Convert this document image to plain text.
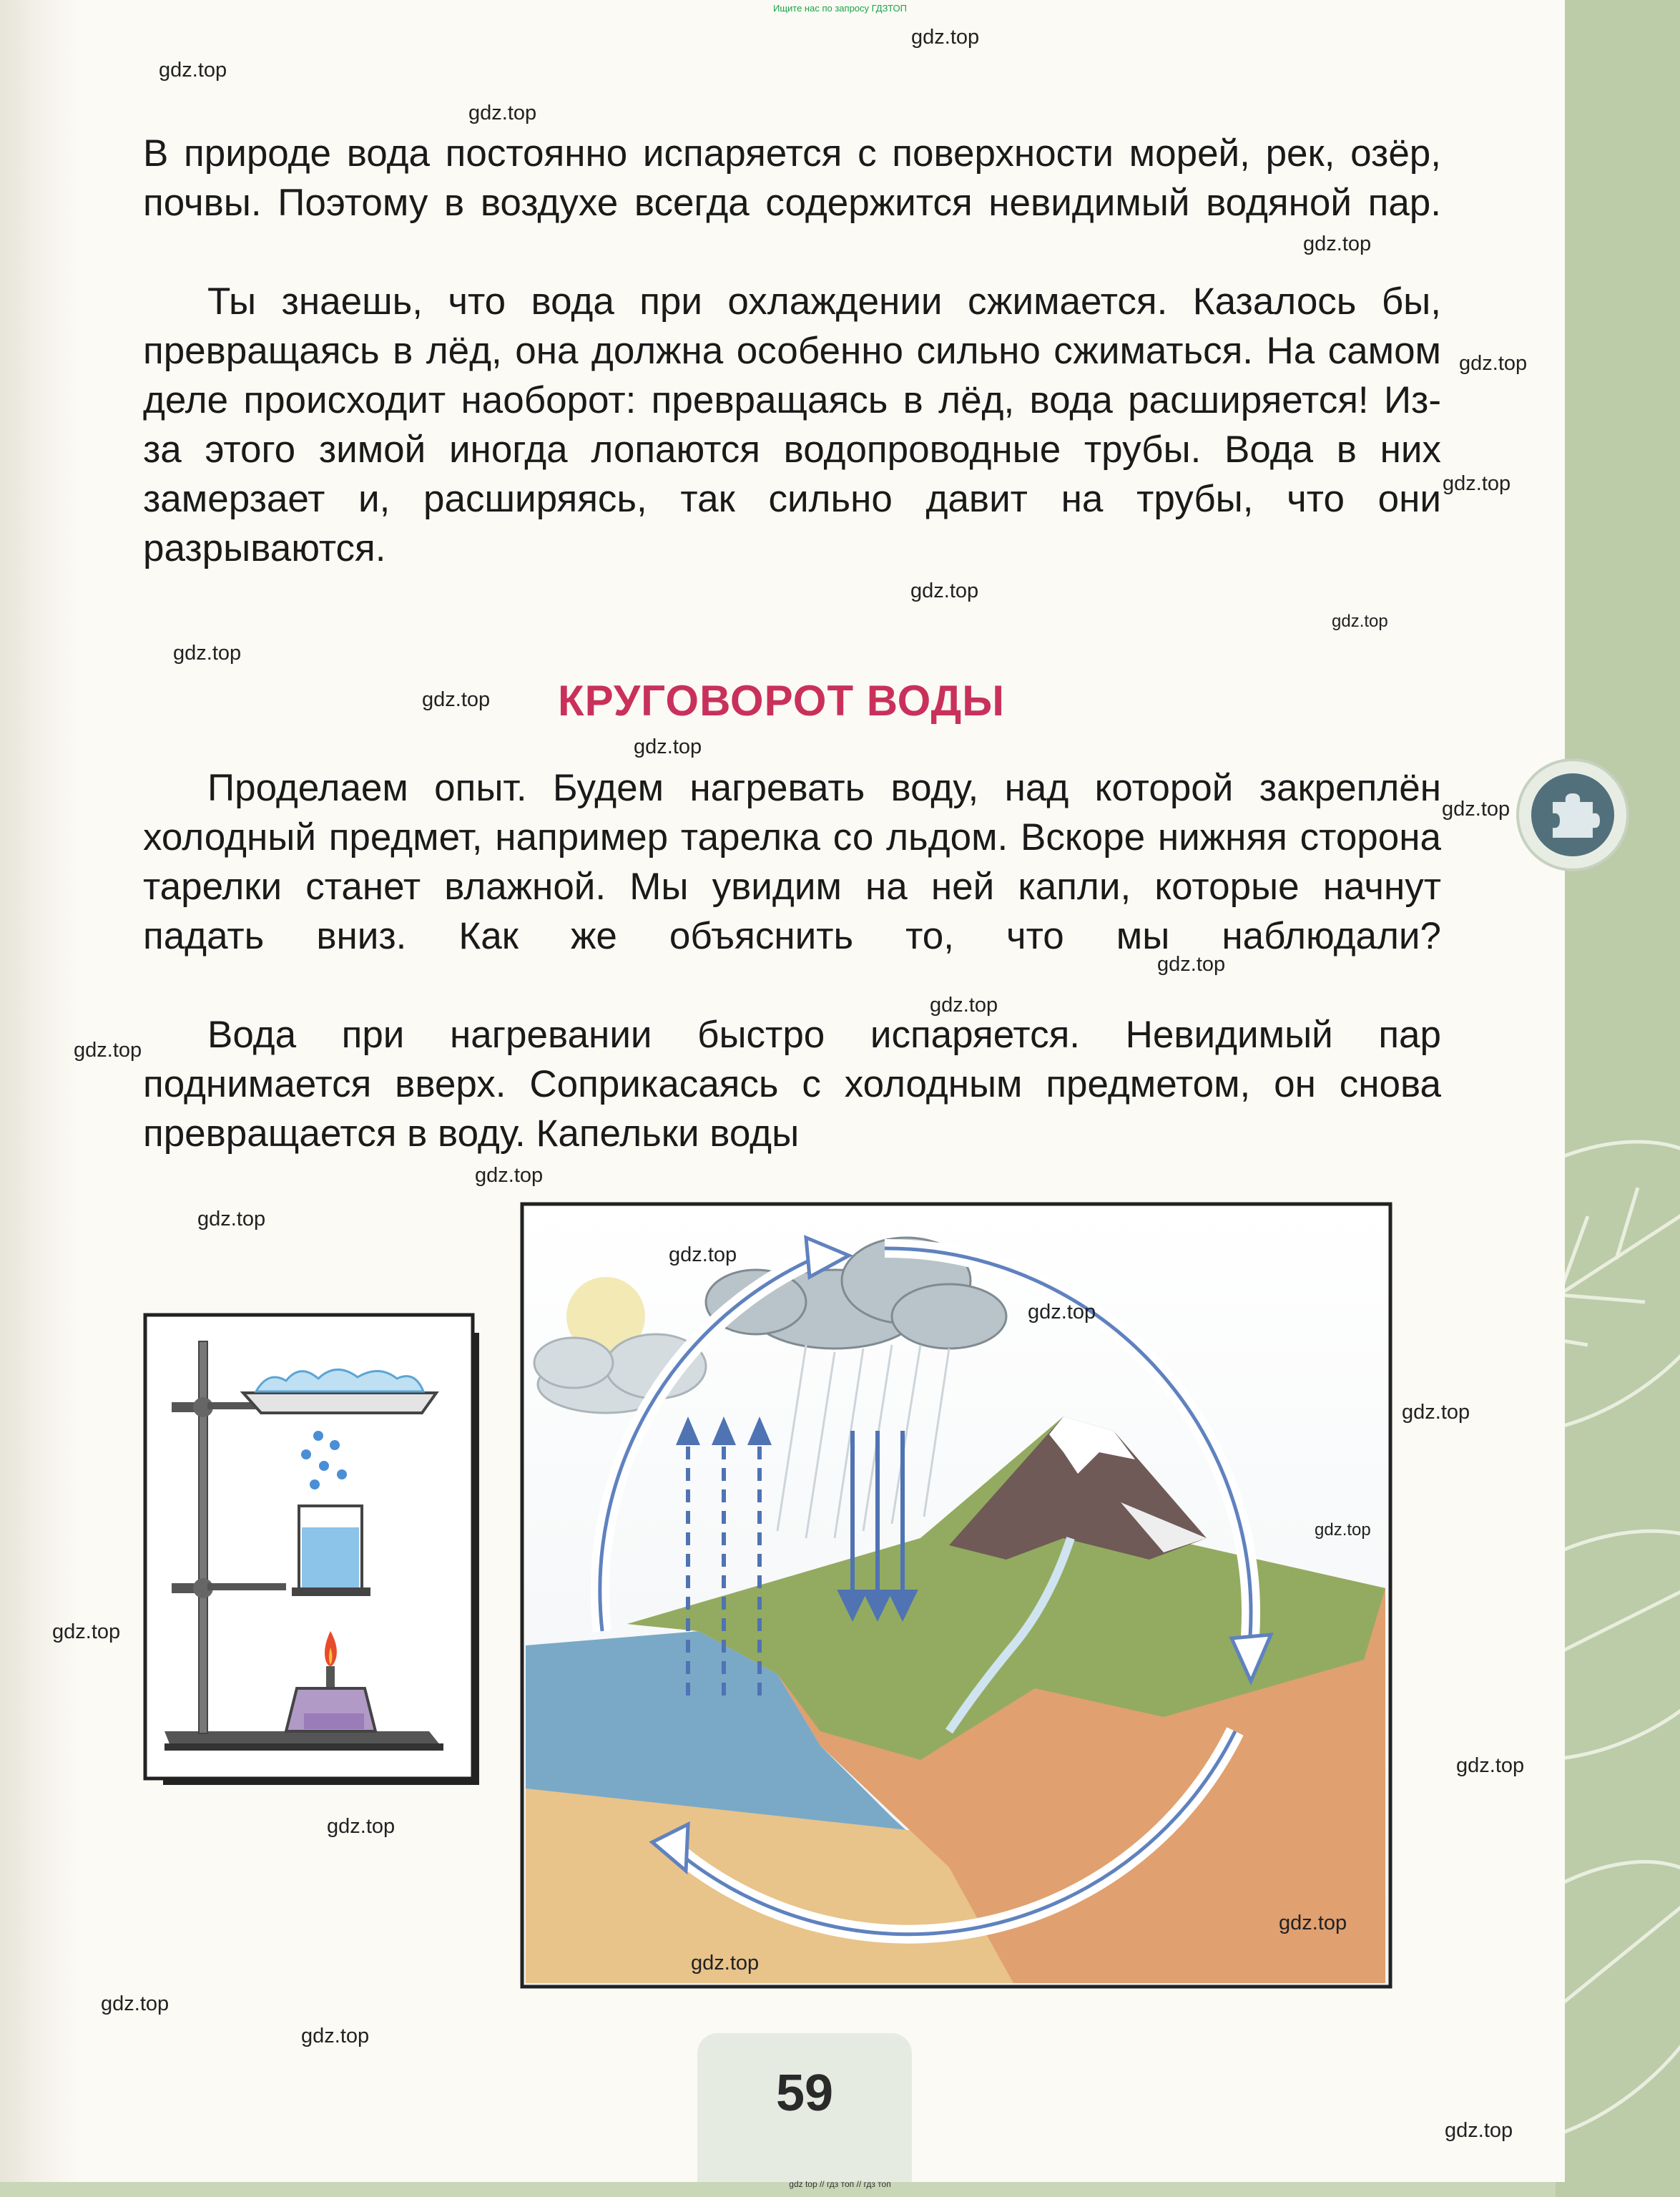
В природе вода постоянно испаряется с поверхности морей, рек, озёр, почвы. Поэтому в воздухе всегда содержится невидимый водяной пар.

Ты знаешь, что вода при охлаждении сжимается. Казалось бы, превращаясь в лёд, она должна особенно сильно сжиматься. На самом деле происходит наоборот: превращаясь в лёд, вода расширяется! Из-за этого зимой иногда лопаются водопроводные трубы. Вода в них замерзает и, расширяясь, так сильно давит на трубы, что они разрываются.

КРУГОВОРОТ ВОДЫ

Проделаем опыт. Будем нагревать воду, над которой закреплён холодный предмет, например тарелка со льдом. Вскоре нижняя сторона тарелки станет влажной. Мы увидим на ней капли, которые начнут падать вниз. Как же объяснить то, что мы наблюдали?

Вода при нагревании быстро испаряется. Невидимый пар поднимается вверх. Соприкасаясь с холодным предметом, он снова превращается в воду. Капельки воды

59
Ищите нас по запросу ГДЗТОП
gdz.top
gdz.top
gdz.top
gdz.top
gdz.top
gdz.top
gdz.top
gdz.top
gdz.top
gdz.top
gdz.top
gdz.top
gdz.top
gdz.top
gdz.top
gdz.top
gdz.top
gdz.top
gdz.top
gdz.top
gdz.top
gdz.top
gdz.top
gdz.top
gdz.top
gdz.top
gdz.top
gdz.top
gdz.top
gdz top // гдз топ // гдз топ
